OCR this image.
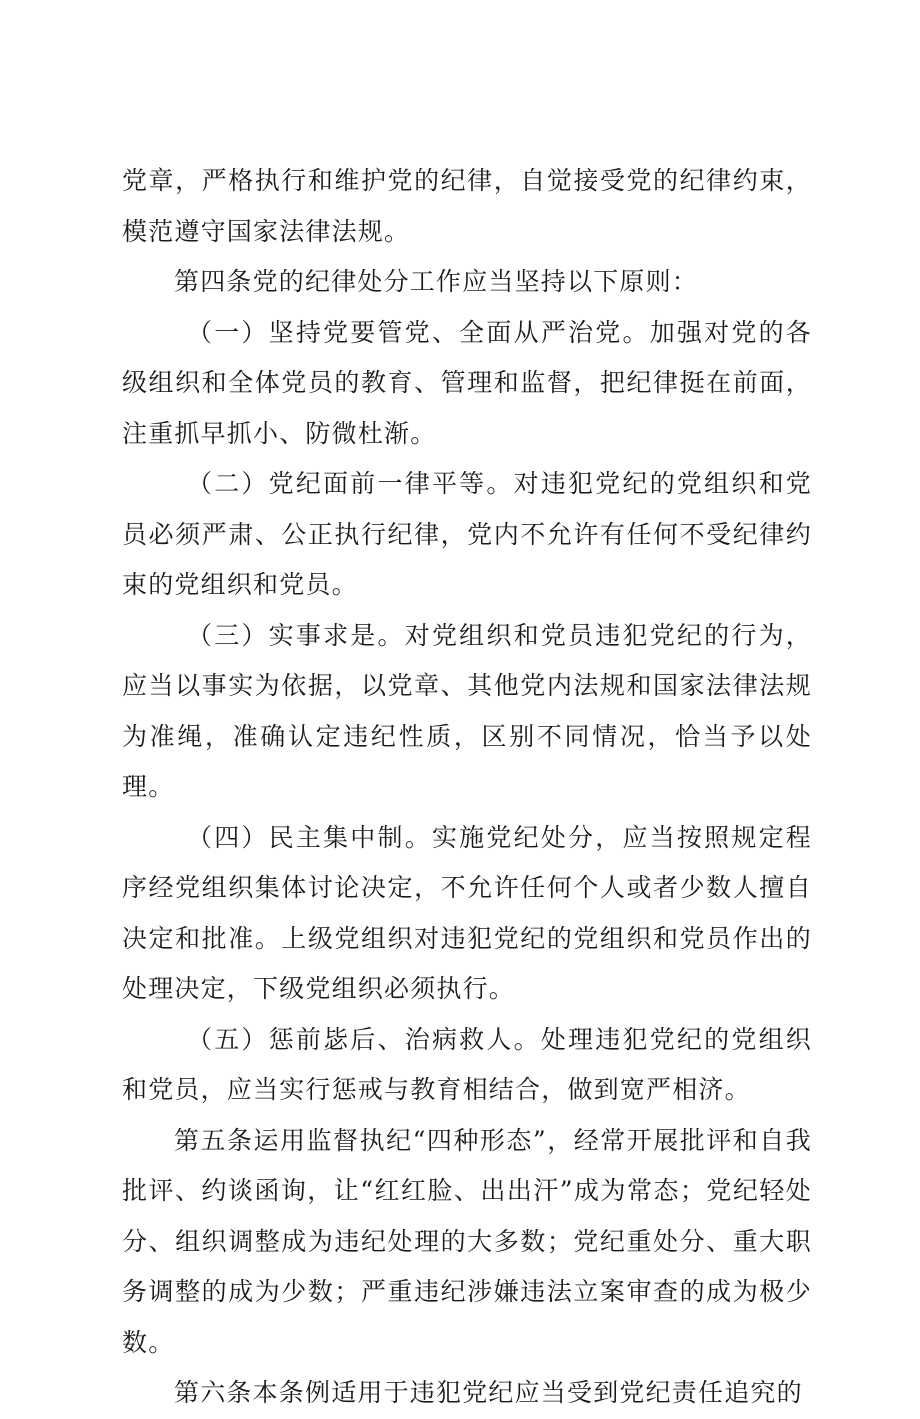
党章，严格执行和维护党的纪律，自觉接受党的纪律约束，模范遵守国家法律法规。

第四条党的纪律处分工作应当坚持以下原则：

（一）坚持党要管党、全面从严治党。加强对党的各级组织和全体党员的教育、管理和监督，把纪律挺在前面，注重抓早抓小、防微杜渐。

（二）党纪面前一律平等。对违犯党纪的党组织和党员必须严肃、公正执行纪律，党内不允许有任何不受纪律约束的党组织和党员。

（三）实事求是。对党组织和党员违犯党纪的行为，应当以事实为依据，以党章、其他党内法规和国家法律法规为准绳，准确认定违纪性质，区别不同情况，恰当予以处理。

（四）民主集中制。实施党纪处分，应当按照规定程序经党组织集体讨论决定，不允许任何个人或者少数人擅自决定和批准。上级党组织对违犯党纪的党组织和党员作出的处理决定，下级党组织必须执行。

（五）惩前毖后、治病救人。处理违犯党纪的党组织和党员，应当实行惩戒与教育相结合，做到宽严相济。

第五条运用监督执纪“四种形态”，经常开展批评和自我批评、约谈函询，让“红红脸、出出汗”成为常态；党纪轻处分、组织调整成为违纪处理的大多数；党纪重处分、重大职务调整的成为少数；严重违纪涉嫌违法立案审查的成为极少数。

第六条本条例适用于违犯党纪应当受到党纪责任追究的
